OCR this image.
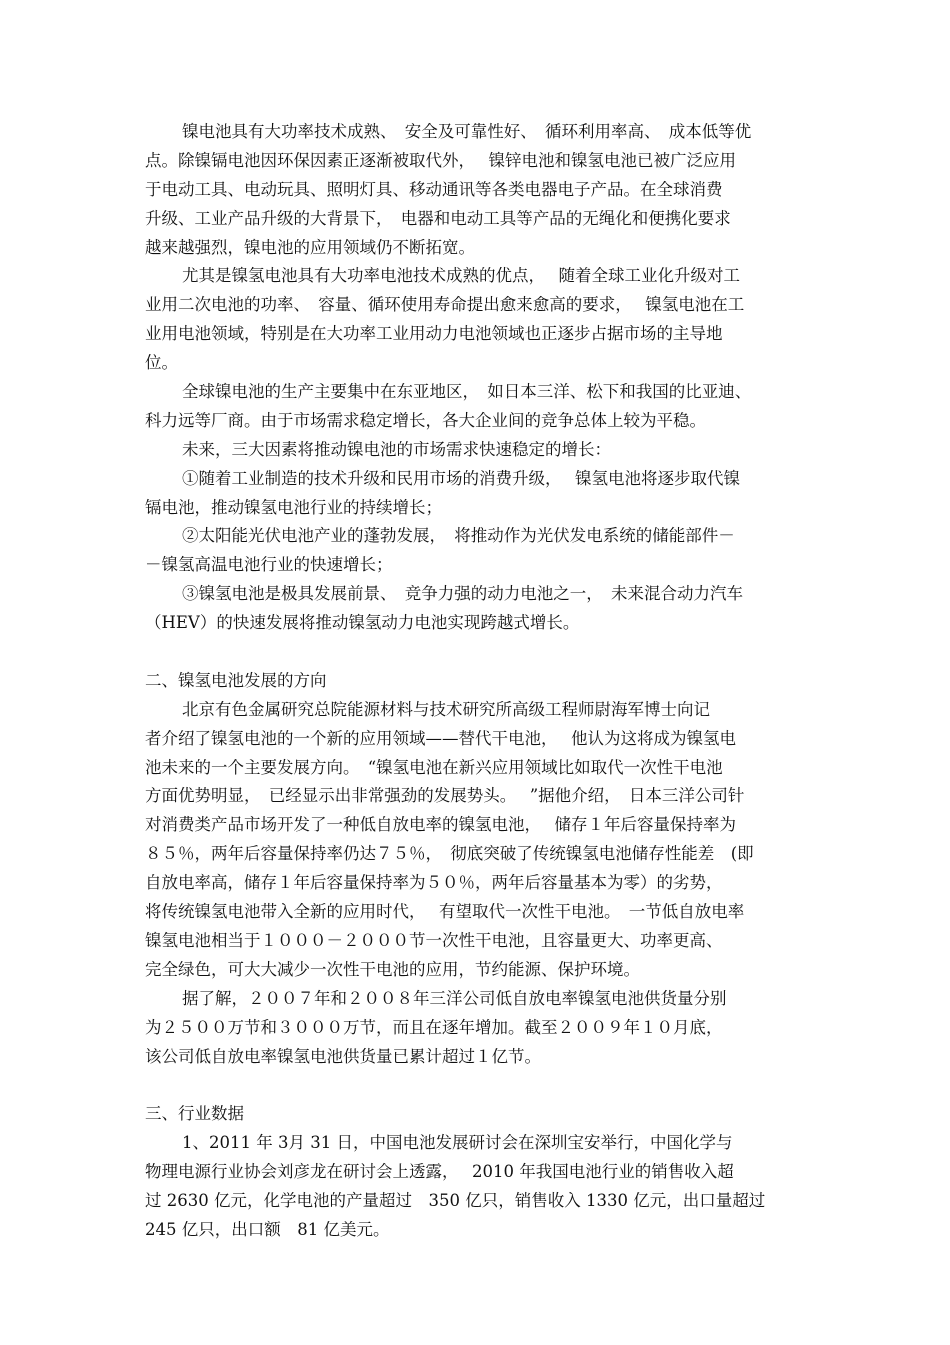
镍电池具有大功率技术成熟、　安全及可靠性好、　循环利用率高、　成本低等优
点。除镍镉电池因环保因素正逐渐被取代外，　 镍锌电池和镍氢电池已被广泛应用
于电动工具、电动玩具、照明灯具、移动通讯等各类电器电子产品。在全球消费
升级、工业产品升级的大背景下，　电器和电动工具等产品的无绳化和便携化要求
越来越强烈，镍电池的应用领域仍不断拓宽。
尤其是镍氢电池具有大功率电池技术成熟的优点，　 随着全球工业化升级对工
业用二次电池的功率、　容量、循环使用寿命提出愈来愈高的要求，　 镍氢电池在工
业用电池领域，特别是在大功率工业用动力电池领域也正逐步占据市场的主导地
位。
全球镍电池的生产主要集中在东亚地区，　如日本三洋、松下和我国的比亚迪、
科力远等厂商。由于市场需求稳定增长，各大企业间的竞争总体上较为平稳。
未来，三大因素将推动镍电池的市场需求快速稳定的增长：
①随着工业制造的技术升级和民用市场的消费升级，　 镍氢电池将逐步取代镍
镉电池，推动镍氢电池行业的持续增长；
②太阳能光伏电池产业的蓬勃发展，　将推动作为光伏发电系统的储能部件－
－镍氢高温电池行业的快速增长；
③镍氢电池是极具发展前景、　竞争力强的动力电池之一，　未来混合动力汽车
（HEV）的快速发展将推动镍氢动力电池实现跨越式增长。
二、镍氢电池发展的方向
北京有色金属研究总院能源材料与技术研究所高级工程师尉海军博士向记
者介绍了镍氢电池的一个新的应用领域——替代干电池，　 他认为这将成为镍氢电
池未来的一个主要发展方向。　“镍氢电池在新兴应用领域比如取代一次性干电池
方面优势明显，　已经显示出非常强劲的发展势头。　 ”据他介绍，　日本三洋公司针
对消费类产品市场开发了一种低自放电率的镍氢电池，　 储存１年后容量保持率为
８５％，两年后容量保持率仍达７５％，　彻底突破了传统镍氢电池储存性能差　(即
自放电率高，储存１年后容量保持率为５０％，两年后容量基本为零）的劣势，
将传统镍氢电池带入全新的应用时代，　 有望取代一次性干电池。　一节低自放电率
镍氢电池相当于１０００－２０００节一次性干电池，且容量更大、功率更高、
完全绿色，可大大减少一次性干电池的应用，节约能源、保护环境。
据了解，２００７年和２００８年三洋公司低自放电率镍氢电池供货量分别
为２５００万节和３０００万节，而且在逐年增加。截至２００９年１０月底，
该公司低自放电率镍氢电池供货量已累计超过１亿节。
三、行业数据
1、2011 年 3月 31 日，中国电池发展研讨会在深圳宝安举行，中国化学与
物理电源行业协会刘彦龙在研讨会上透露，　 2010 年我国电池行业的销售收入超
过 2630 亿元，化学电池的产量超过　350 亿只，销售收入 1330 亿元，出口量超过
245 亿只，出口额　81 亿美元。
